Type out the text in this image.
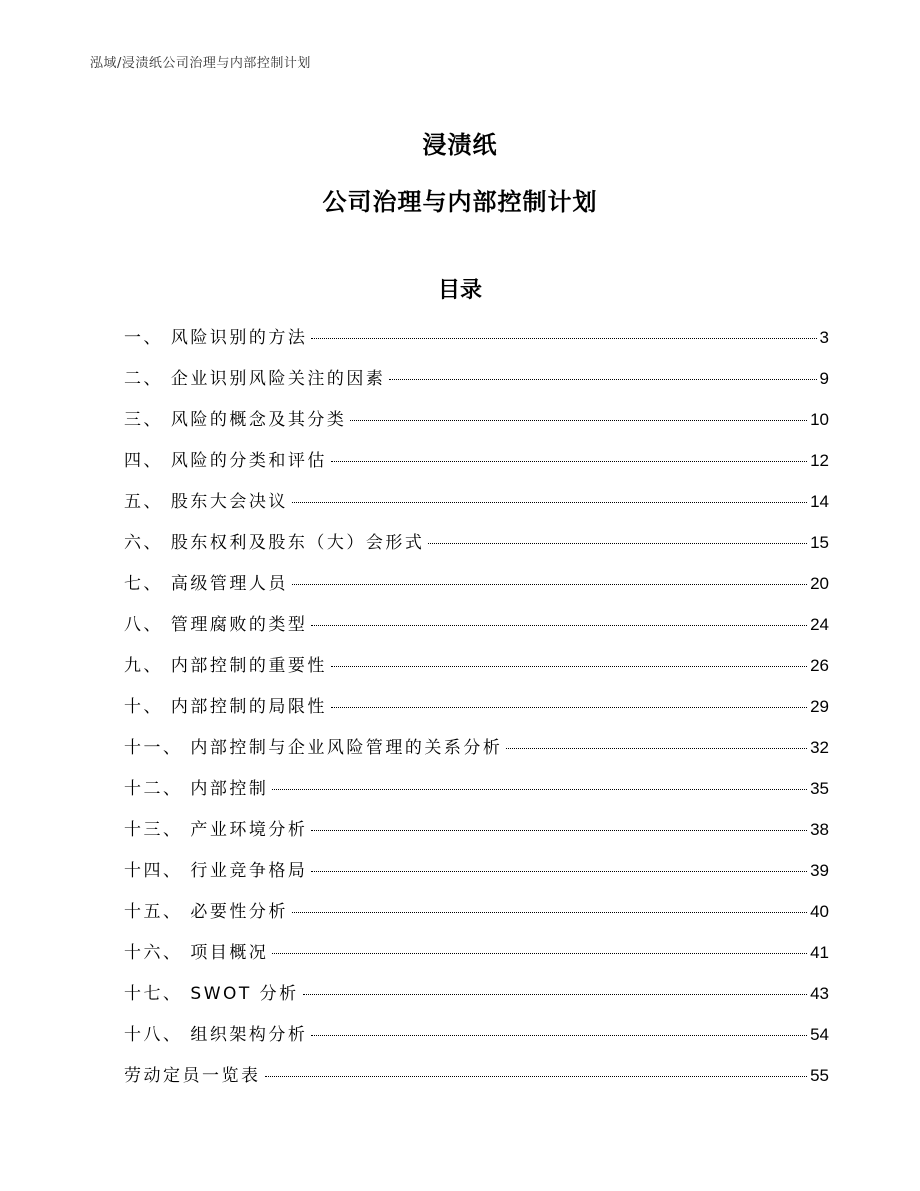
泓域/浸渍纸公司治理与内部控制计划
浸渍纸
公司治理与内部控制计划
目录
一、 风险识别的方法	3
二、 企业识别风险关注的因素	9
三、 风险的概念及其分类	10
四、 风险的分类和评估	12
五、 股东大会决议	14
六、 股东权利及股东（大）会形式	15
七、 高级管理人员	20
八、 管理腐败的类型	24
九、 内部控制的重要性	26
十、 内部控制的局限性	29
十一、 内部控制与企业风险管理的关系分析	32
十二、 内部控制	35
十三、 产业环境分析	38
十四、 行业竞争格局	39
十五、 必要性分析	40
十六、 项目概况	41
十七、 SWOT 分析	43
十八、 组织架构分析	54
劳动定员一览表	55
